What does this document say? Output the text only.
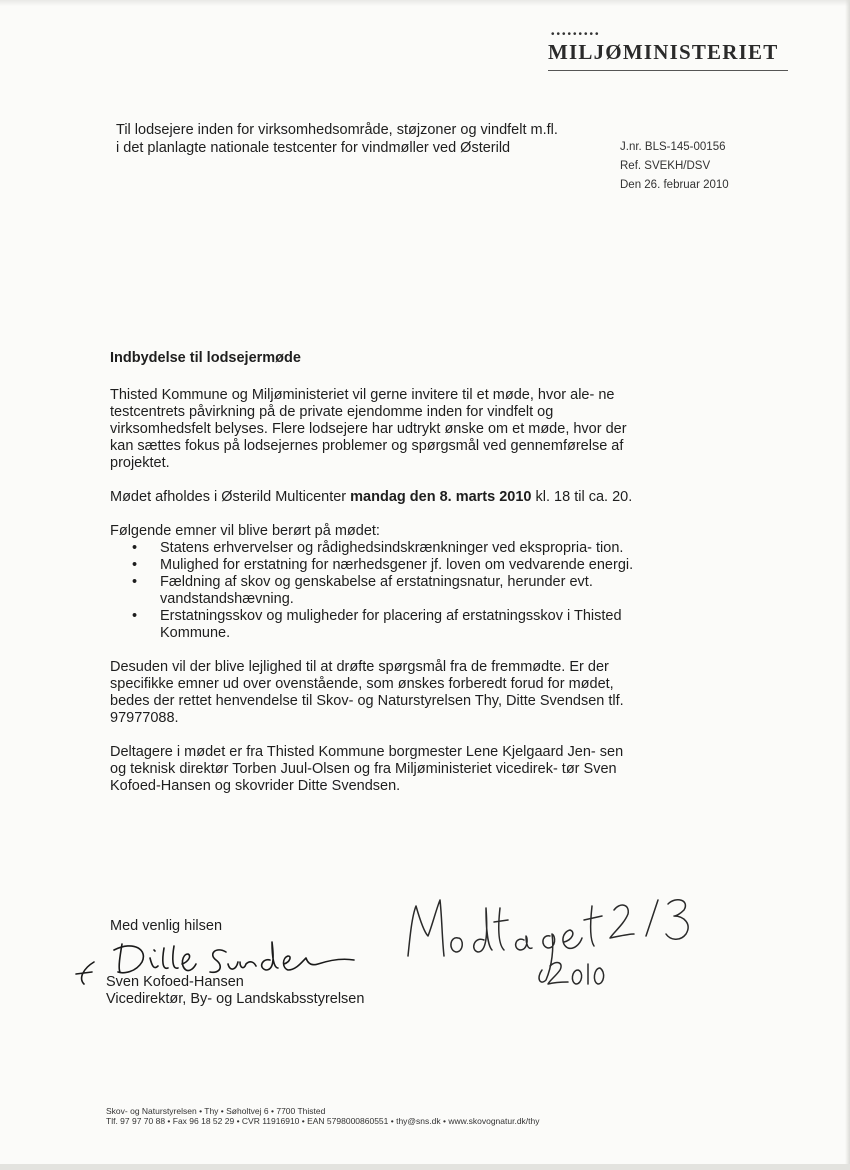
•••••••••
MILJØMINISTERIET
Til lodsejere inden for virksomhedsområde, støjzoner og vindfelt m.fl.
i det planlagte nationale testcenter for vindmøller ved Østerild	J.nr. BLS-145-00156
Ref. SVEKH/DSV
Den 26. februar 2010

Indbydelse til lodsejermøde

Thisted Kommune og Miljøministeriet vil gerne invitere til et møde, hvor ale- ne testcentrets påvirkning på de private ejendomme inden for vindfelt og virksomhedsfelt belyses. Flere lodsejere har udtrykt ønske om et møde, hvor der kan sættes fokus på lodsejernes problemer og spørgsmål ved gennemførelse af projektet.

Mødet afholdes i Østerild Multicenter mandag den 8. marts 2010 kl. 18 til ca. 20.

Følgende emner vil blive berørt på mødet:

• Statens erhvervelser og rådighedsindskrænkninger ved ekspropria- tion.
• Mulighed for erstatning for nærhedsgener jf. loven om vedvarende energi.
• Fældning af skov og genskabelse af erstatningsnatur, herunder evt. vandstandshævning.
• Erstatningsskov og muligheder for placering af erstatningsskov i Thisted Kommune.

Desuden vil der blive lejlighed til at drøfte spørgsmål fra de fremmødte. Er der specifikke emner ud over ovenstående, som ønskes forberedt forud for mødet, bedes der rettet henvendelse til Skov- og Naturstyrelsen Thy, Ditte Svendsen tlf. 97977088.

Deltagere i mødet er fra Thisted Kommune borgmester Lene Kjelgaard Jen- sen og teknisk direktør Torben Juul-Olsen og fra Miljøministeriet vicedirek- tør Sven Kofoed-Hansen og skovrider Ditte Svendsen.

Med venlig hilsen
Sven Kofoed-Hansen
Vicedirektør, By- og Landskabsstyrelsen
Skov- og Naturstyrelsen • Thy • Søholtvej 6 • 7700 Thisted
Tlf. 97 97 70 88 • Fax 96 18 52 29 • CVR 11916910 • EAN 5798000860551 • thy@sns.dk • www.skovognatur.dk/thy
